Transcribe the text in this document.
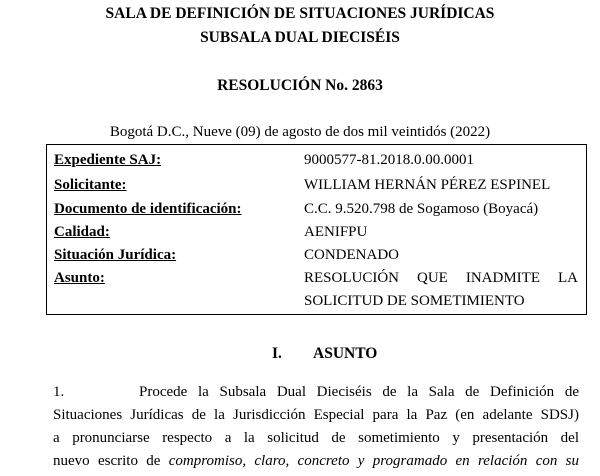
SALA DE DEFINICIÓN DE SITUACIONES JURÍDICAS
SUBSALA DUAL DIECISÉIS
RESOLUCIÓN No. 2863
Bogotá D.C., Nueve (09) de agosto de dos mil veintidós (2022)
Expediente SAJ:	9000577-81.2018.0.00.0001
Solicitante:	WILLIAM HERNÁN PÉREZ ESPINEL
Documento de identificación:	C.C. 9.520.798 de Sogamoso (Boyacá)
Calidad:	AENIFPU
Situación Jurídica:	CONDENADO
Asunto:	RESOLUCIÓN QUE INADMITE LA
SOLICITUD DE SOMETIMIENTO
I. ASUNTO
1.	Procede la Subsala Dual Dieciséis de la Sala de Definición de
Situaciones Jurídicas de la Jurisdicción Especial para la Paz (en adelante SDSJ)
a pronunciarse respecto a la solicitud de sometimiento y presentación del
nuevo escrito de compromiso, claro, concreto y programado en relación con su
